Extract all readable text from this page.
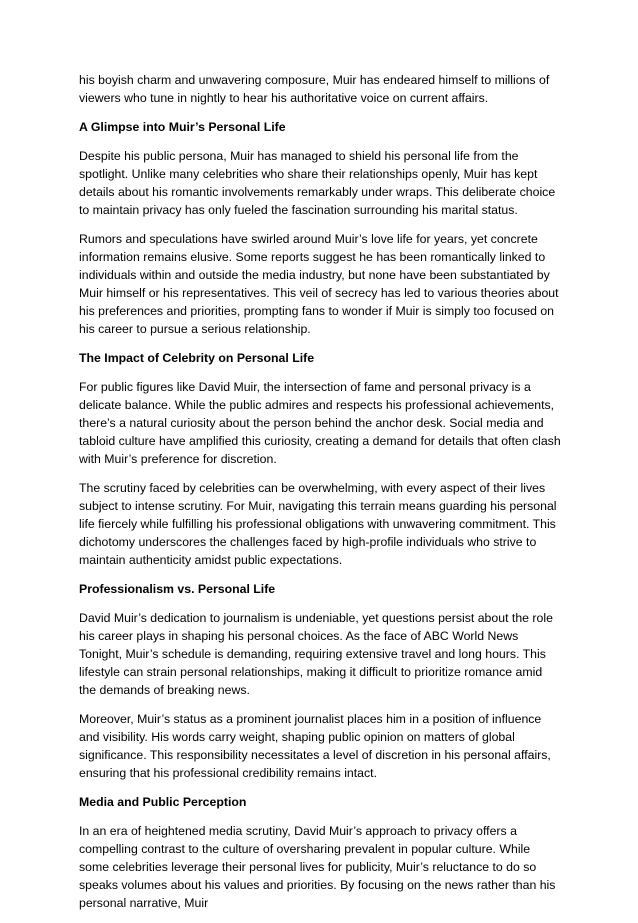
his boyish charm and unwavering composure, Muir has endeared himself to millions of viewers who tune in nightly to hear his authoritative voice on current affairs.

A Glimpse into Muir’s Personal Life

Despite his public persona, Muir has managed to shield his personal life from the spotlight. Unlike many celebrities who share their relationships openly, Muir has kept details about his romantic involvements remarkably under wraps. This deliberate choice to maintain privacy has only fueled the fascination surrounding his marital status.

Rumors and speculations have swirled around Muir’s love life for years, yet concrete information remains elusive. Some reports suggest he has been romantically linked to individuals within and outside the media industry, but none have been substantiated by Muir himself or his representatives. This veil of secrecy has led to various theories about his preferences and priorities, prompting fans to wonder if Muir is simply too focused on his career to pursue a serious relationship.

The Impact of Celebrity on Personal Life

For public figures like David Muir, the intersection of fame and personal privacy is a delicate balance. While the public admires and respects his professional achievements, there’s a natural curiosity about the person behind the anchor desk. Social media and tabloid culture have amplified this curiosity, creating a demand for details that often clash with Muir’s preference for discretion.

The scrutiny faced by celebrities can be overwhelming, with every aspect of their lives subject to intense scrutiny. For Muir, navigating this terrain means guarding his personal life fiercely while fulfilling his professional obligations with unwavering commitment. This dichotomy underscores the challenges faced by high-profile individuals who strive to maintain authenticity amidst public expectations.

Professionalism vs. Personal Life

David Muir’s dedication to journalism is undeniable, yet questions persist about the role his career plays in shaping his personal choices. As the face of ABC World News Tonight, Muir’s schedule is demanding, requiring extensive travel and long hours. This lifestyle can strain personal relationships, making it difficult to prioritize romance amid the demands of breaking news.

Moreover, Muir’s status as a prominent journalist places him in a position of influence and visibility. His words carry weight, shaping public opinion on matters of global significance. This responsibility necessitates a level of discretion in his personal affairs, ensuring that his professional credibility remains intact.

Media and Public Perception

In an era of heightened media scrutiny, David Muir’s approach to privacy offers a compelling contrast to the culture of oversharing prevalent in popular culture. While some celebrities leverage their personal lives for publicity, Muir’s reluctance to do so speaks volumes about his values and priorities. By focusing on the news rather than his personal narrative, Muir
